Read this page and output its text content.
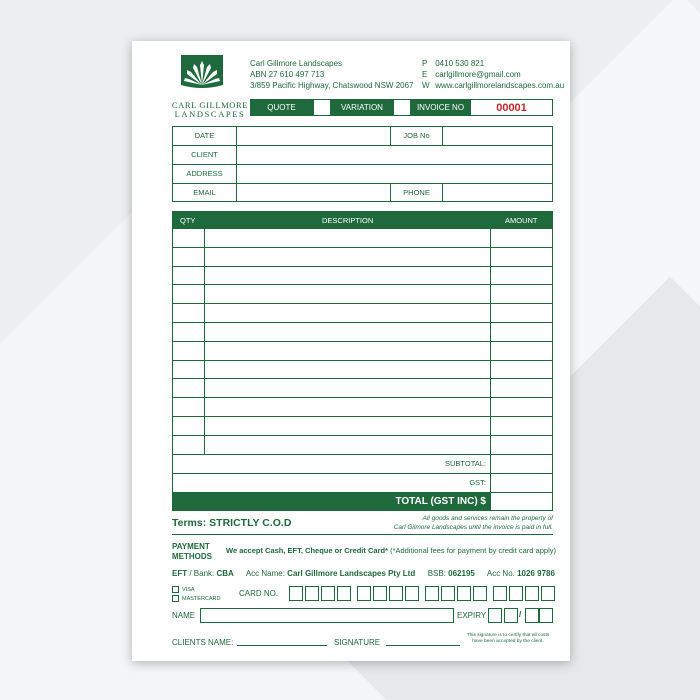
CARL GILLMORE
LANDSCAPES
Carl Gillmore Landscapes
ABN 27 610 497 713
3/859 Pacific Highway, Chatswood NSW 2067
P 0410 530 821
E carlgillmore@gmail.com
W www.carlgillmorelandscapes.com.au
QUOTE	VARIATION	INVOICE NO	00001
DATE	JOB No
CLIENT
ADDRESS
EMAIL	PHONE
QTY	DESCRIPTION	AMOUNT
SUBTOTAL:
GST:
TOTAL (GST INC) $
Terms: STRICTLY C.O.D	All goods and services remain the property of
Carl Gilmore Landscapes until the invoice is paid in full.
PAYMENT
METHODS
We accept Cash, EFT, Cheque or Credit Card* (*Additional fees for payment by credit card apply)
EFT / Bank: CBA Acc Name: Carl Gillmore Landscapes Pty Ltd BSB: 062195 Acc No. 1026 9786
VISA
MASTERCARD
CARD NO.
NAME	EXPIRY	/
CLIENTS NAME:	SIGNATURE
This signature is to certify that all costs
have been accepted by the client.
